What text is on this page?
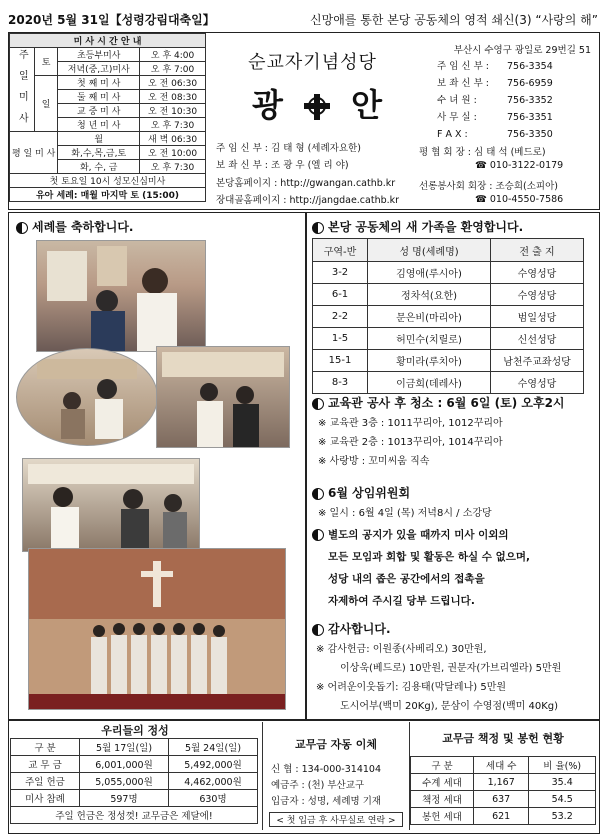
2020년 5월 31일【성령강림대축일】	신망애를 통한 본당 공동체의 영적 쇄신(3) “사랑의 해”
미 사 시 간 안 내			
주 일 미 사	토	초등부미사	오 후 4:00
		저녁(중,고)미사	오 후 7:00
	일	첫 째 미 사	오 전 06:30
		둘 째 미 사	오 전 08:30
		교 중 미 사	오 전 10:30
		청 년 미 사	오 후 7:30
평 일 미 사		월	새 벽 06:30
		화,수,목,금,토	오 전 10:00
		화, 수, 금	오 후 7:30
첫 토요일 10시 성모신심미사			
유아 세례: 매월 마지막 토 (15:00)			
순교자기념성당
광 안
주 임 신 부 : 김 태 형 (세례자요한)
보 좌 신 부 : 조 광 우 (엘 리 야)
본당홈페이지 : http://gwangan.cathb.kr
장대골홈페이지 : http://jangdae.cathb.kr
부산시 수영구 광일로 29번길 51
주 임 신 부 : 756-3354
보 좌 신 부 : 756-6959
수 녀 원 :	756-3352
사 무 실 :	756-3351
F A X :	756-3350
평 협 회 장 : 심 태 석 (베드로)
☎ 010-3122-0179
선롱봉사회 회장 : 조승희(소피아)
☎ 010-4550-7586
세례를 축하합니다.	본당 공동체의 새 가족을 환영합니다.
구역-반	성 명(세례명)	전 출 지
3-2	김영애(루시아)	수영성당
6-1	정차석(요한)	수영성당
2-2	문은비(마리아)	범일성당
1-5	허민수(치릴로)	신선성당
15-1	황미라(루치아)	남천주교좌성당
8-3	이금희(데레사)	수영성당
교육관 공사 후 청소 : 6월 6일 (토) 오후2시
※ 교육관 3층 : 1011꾸리아, 1012꾸리아
※ 교육관 2층 : 1013꾸리아, 1014꾸리아
※ 사랑방 : 꼬미씨움 직속
6월 상임위원회
※ 일시 : 6월 4일 (목) 저녁8시 / 소강당
별도의 공지가 있을 때까지 미사 이외의
모든 모임과 회합 및 활동은 하실 수 없으며,
성당 내의 좁은 공간에서의 접촉을
자제하여 주시길 당부 드립니다.
감사합니다.
※ 감사헌금: 이원종(사베리오) 30만원,
이상욱(베드로) 10만원, 권문자(가브리엘라) 5만원
※ 어려운이웃돕기: 김용태(막달레나) 5만원
도시어부(백미 20Kg), 문삼이 수영점(백미 40Kg)
우리들의 정성
구 분	5월 17일(일)	5월 24일(일)
교 무 금	6,001,000원	5,492,000원
주일 헌금	5,055,000원	4,462,000원
미사 참례	597명	630명
주일 헌금은 정성껏! 교무금은 제달에!		
교무금 자동 이체
신 협 : 134-000-314104
예금주 : (천) 부산교구
입금자 : 성명, 세례명 기재
< 첫 입금 후 사무실로 연락 >
교무금 책정 및 봉헌 현황
구 분	세대 수	비 율(%)
수계 세대	1,167	35.4
책정 세대	637	54.5
봉헌 세대	621	53.2
